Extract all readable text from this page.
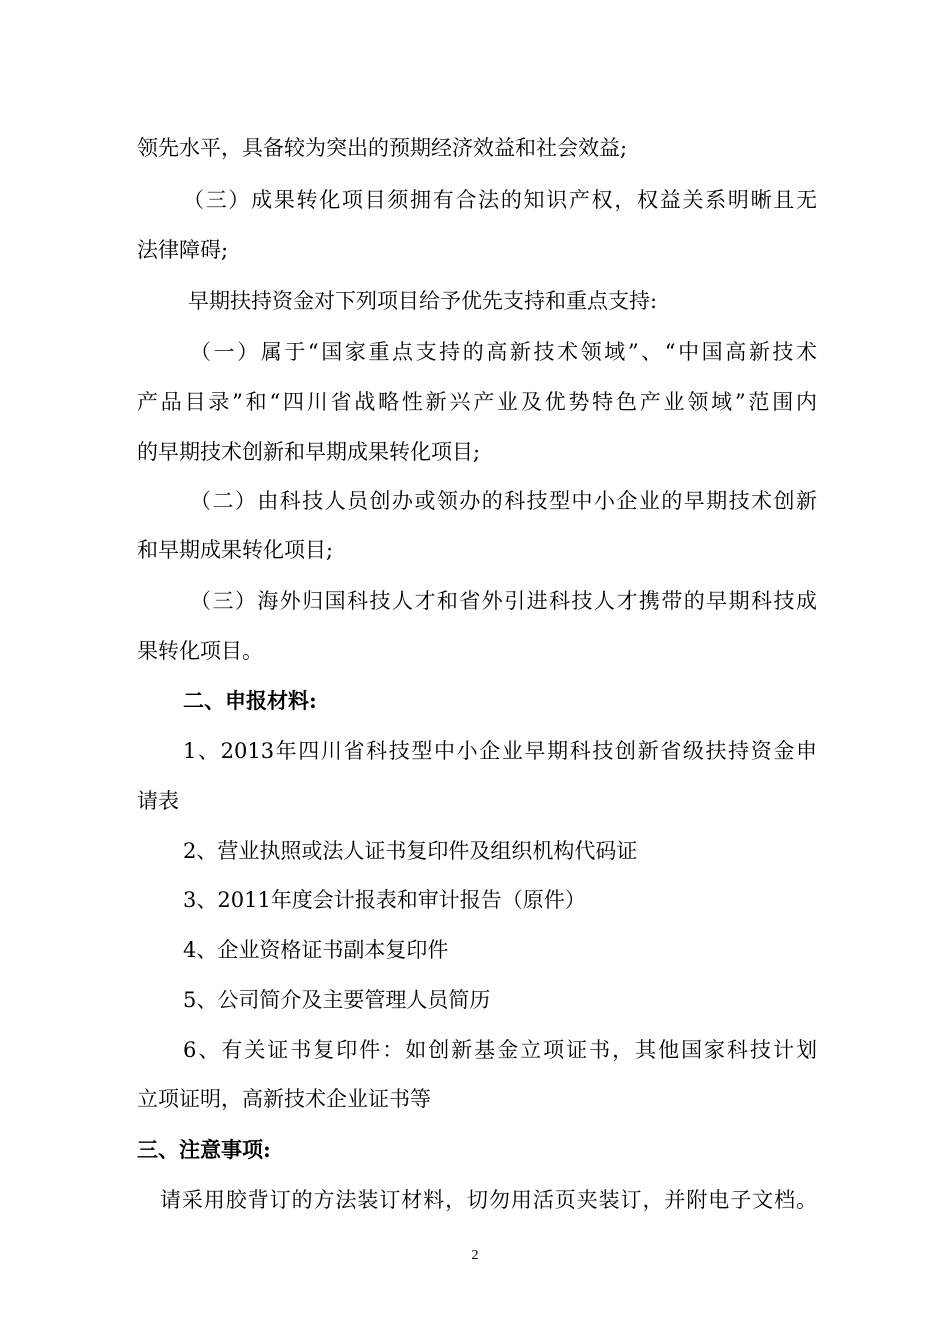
领先水平，具备较为突出的预期经济效益和社会效益;
（三）成果转化项目须拥有合法的知识产权，权益关系明晰且无
法律障碍;
早期扶持资金对下列项目给予优先支持和重点支持:
（一）属于“国家重点支持的高新技术领域”、“中国高新技术
产品目录”和“四川省战略性新兴产业及优势特色产业领域”范围内
的早期技术创新和早期成果转化项目;
（二）由科技人员创办或领办的科技型中小企业的早期技术创新
和早期成果转化项目;
（三）海外归国科技人才和省外引进科技人才携带的早期科技成
果转化项目。
二、申报材料:
1、2013年四川省科技型中小企业早期科技创新省级扶持资金申
请表
2、营业执照或法人证书复印件及组织机构代码证
3、2011年度会计报表和审计报告（原件）
4、企业资格证书副本复印件
5、公司简介及主要管理人员简历
6、有关证书复印件：如创新基金立项证书，其他国家科技计划
立项证明，高新技术企业证书等
三、注意事项:
请采用胶背订的方法装订材料，切勿用活页夹装订，并附电子文档。
2
